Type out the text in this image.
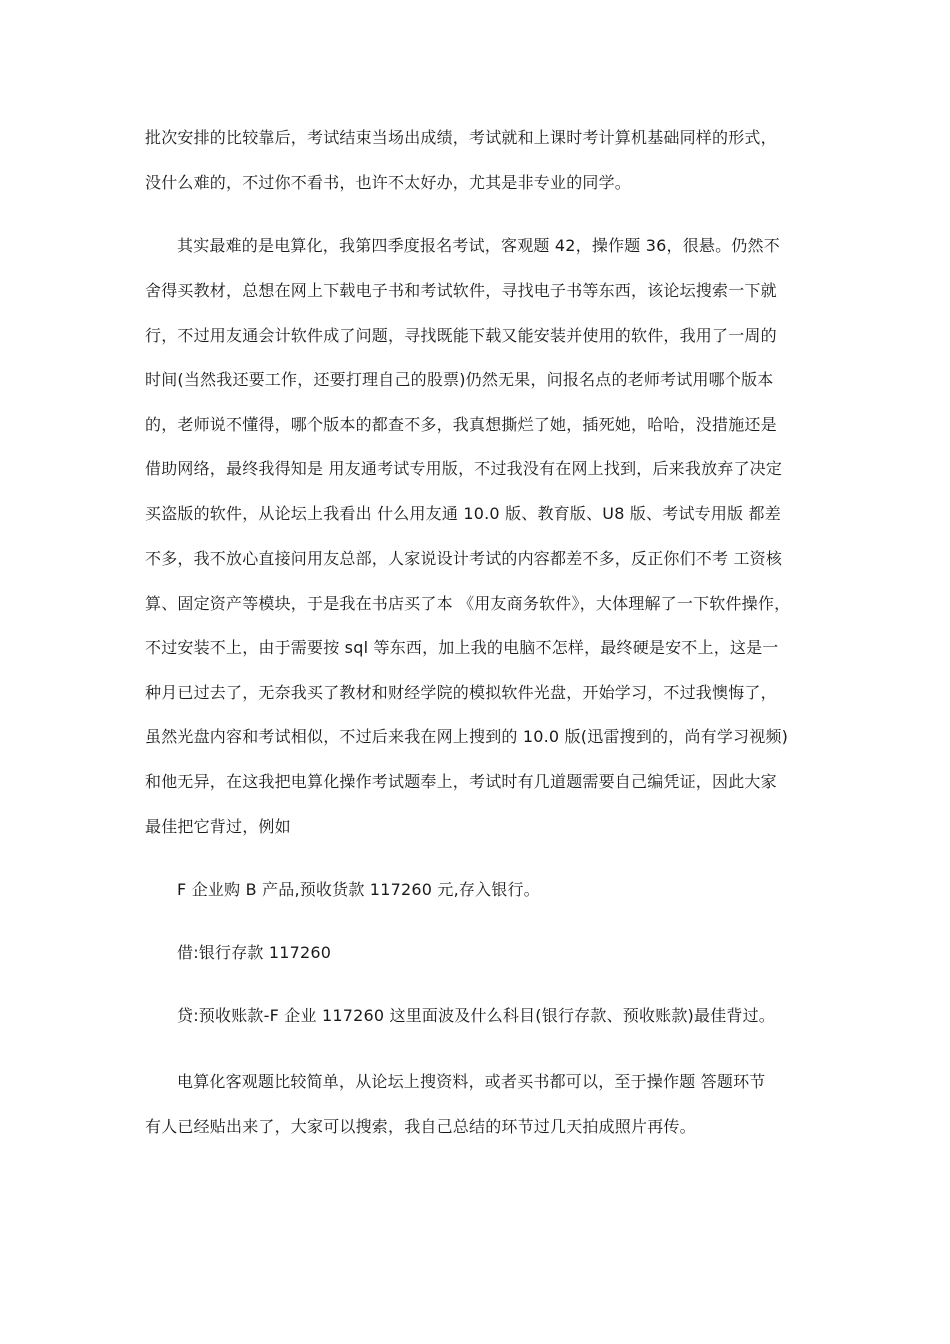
批次安排的比较靠后，考试结束当场出成绩，考试就和上课时考计算机基础同样的形式，
没什么难的，不过你不看书，也许不太好办，尤其是非专业的同学。
其实最难的是电算化，我第四季度报名考试，客观题 42，操作题 36，很悬。仍然不
舍得买教材，总想在网上下载电子书和考试软件，寻找电子书等东西，该论坛搜索一下就
行，不过用友通会计软件成了问题，寻找既能下载又能安装并使用的软件，我用了一周的
时间(当然我还要工作，还要打理自己的股票)仍然无果，问报名点的老师考试用哪个版本
的，老师说不懂得，哪个版本的都查不多，我真想撕烂了她，插死她，哈哈，没措施还是
借助网络，最终我得知是 用友通考试专用版，不过我没有在网上找到，后来我放弃了决定
买盗版的软件，从论坛上我看出 什么用友通 10.0 版、教育版、U8 版、考试专用版 都差
不多，我不放心直接问用友总部，人家说设计考试的内容都差不多，反正你们不考 工资核
算、固定资产等模块，于是我在书店买了本 《用友商务软件》，大体理解了一下软件操作，
不过安装不上，由于需要按 sql 等东西，加上我的电脑不怎样，最终硬是安不上，这是一
种月已过去了，无奈我买了教材和财经学院的模拟软件光盘，开始学习，不过我懊悔了，
虽然光盘内容和考试相似，不过后来我在网上搜到的 10.0 版(迅雷搜到的，尚有学习视频)
和他无异，在这我把电算化操作考试题奉上，考试时有几道题需要自己编凭证，因此大家
最佳把它背过，例如
F 企业购 B 产品,预收货款 117260 元,存入银行。
借:银行存款 117260
贷:预收账款-F 企业 117260 这里面波及什么科目(银行存款、预收账款)最佳背过。
电算化客观题比较简单，从论坛上搜资料，或者买书都可以，至于操作题 答题环节
有人已经贴出来了，大家可以搜索，我自己总结的环节过几天拍成照片再传。
